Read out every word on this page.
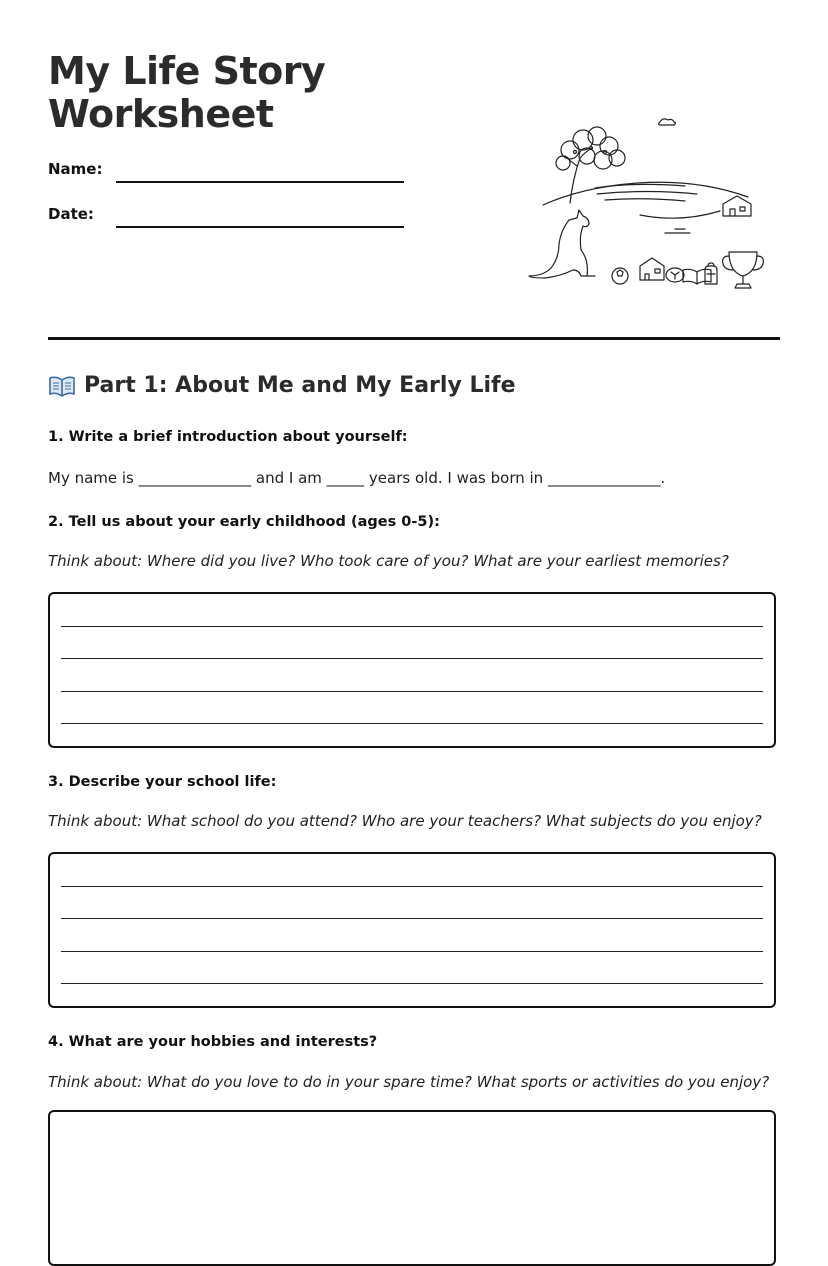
My Life Story Worksheet
Name:
Date:
Part 1: About Me and My Early Life

1. Write a brief introduction about yourself:

My name is _______________ and I am _____ years old. I was born in _______________.

2. Tell us about your early childhood (ages 0-5):

Think about: Where did you live? Who took care of you? What are your earliest memories?

3. Describe your school life:

Think about: What school do you attend? Who are your teachers? What subjects do you enjoy?

4. What are your hobbies and interests?

Think about: What do you love to do in your spare time? What sports or activities do you enjoy?
